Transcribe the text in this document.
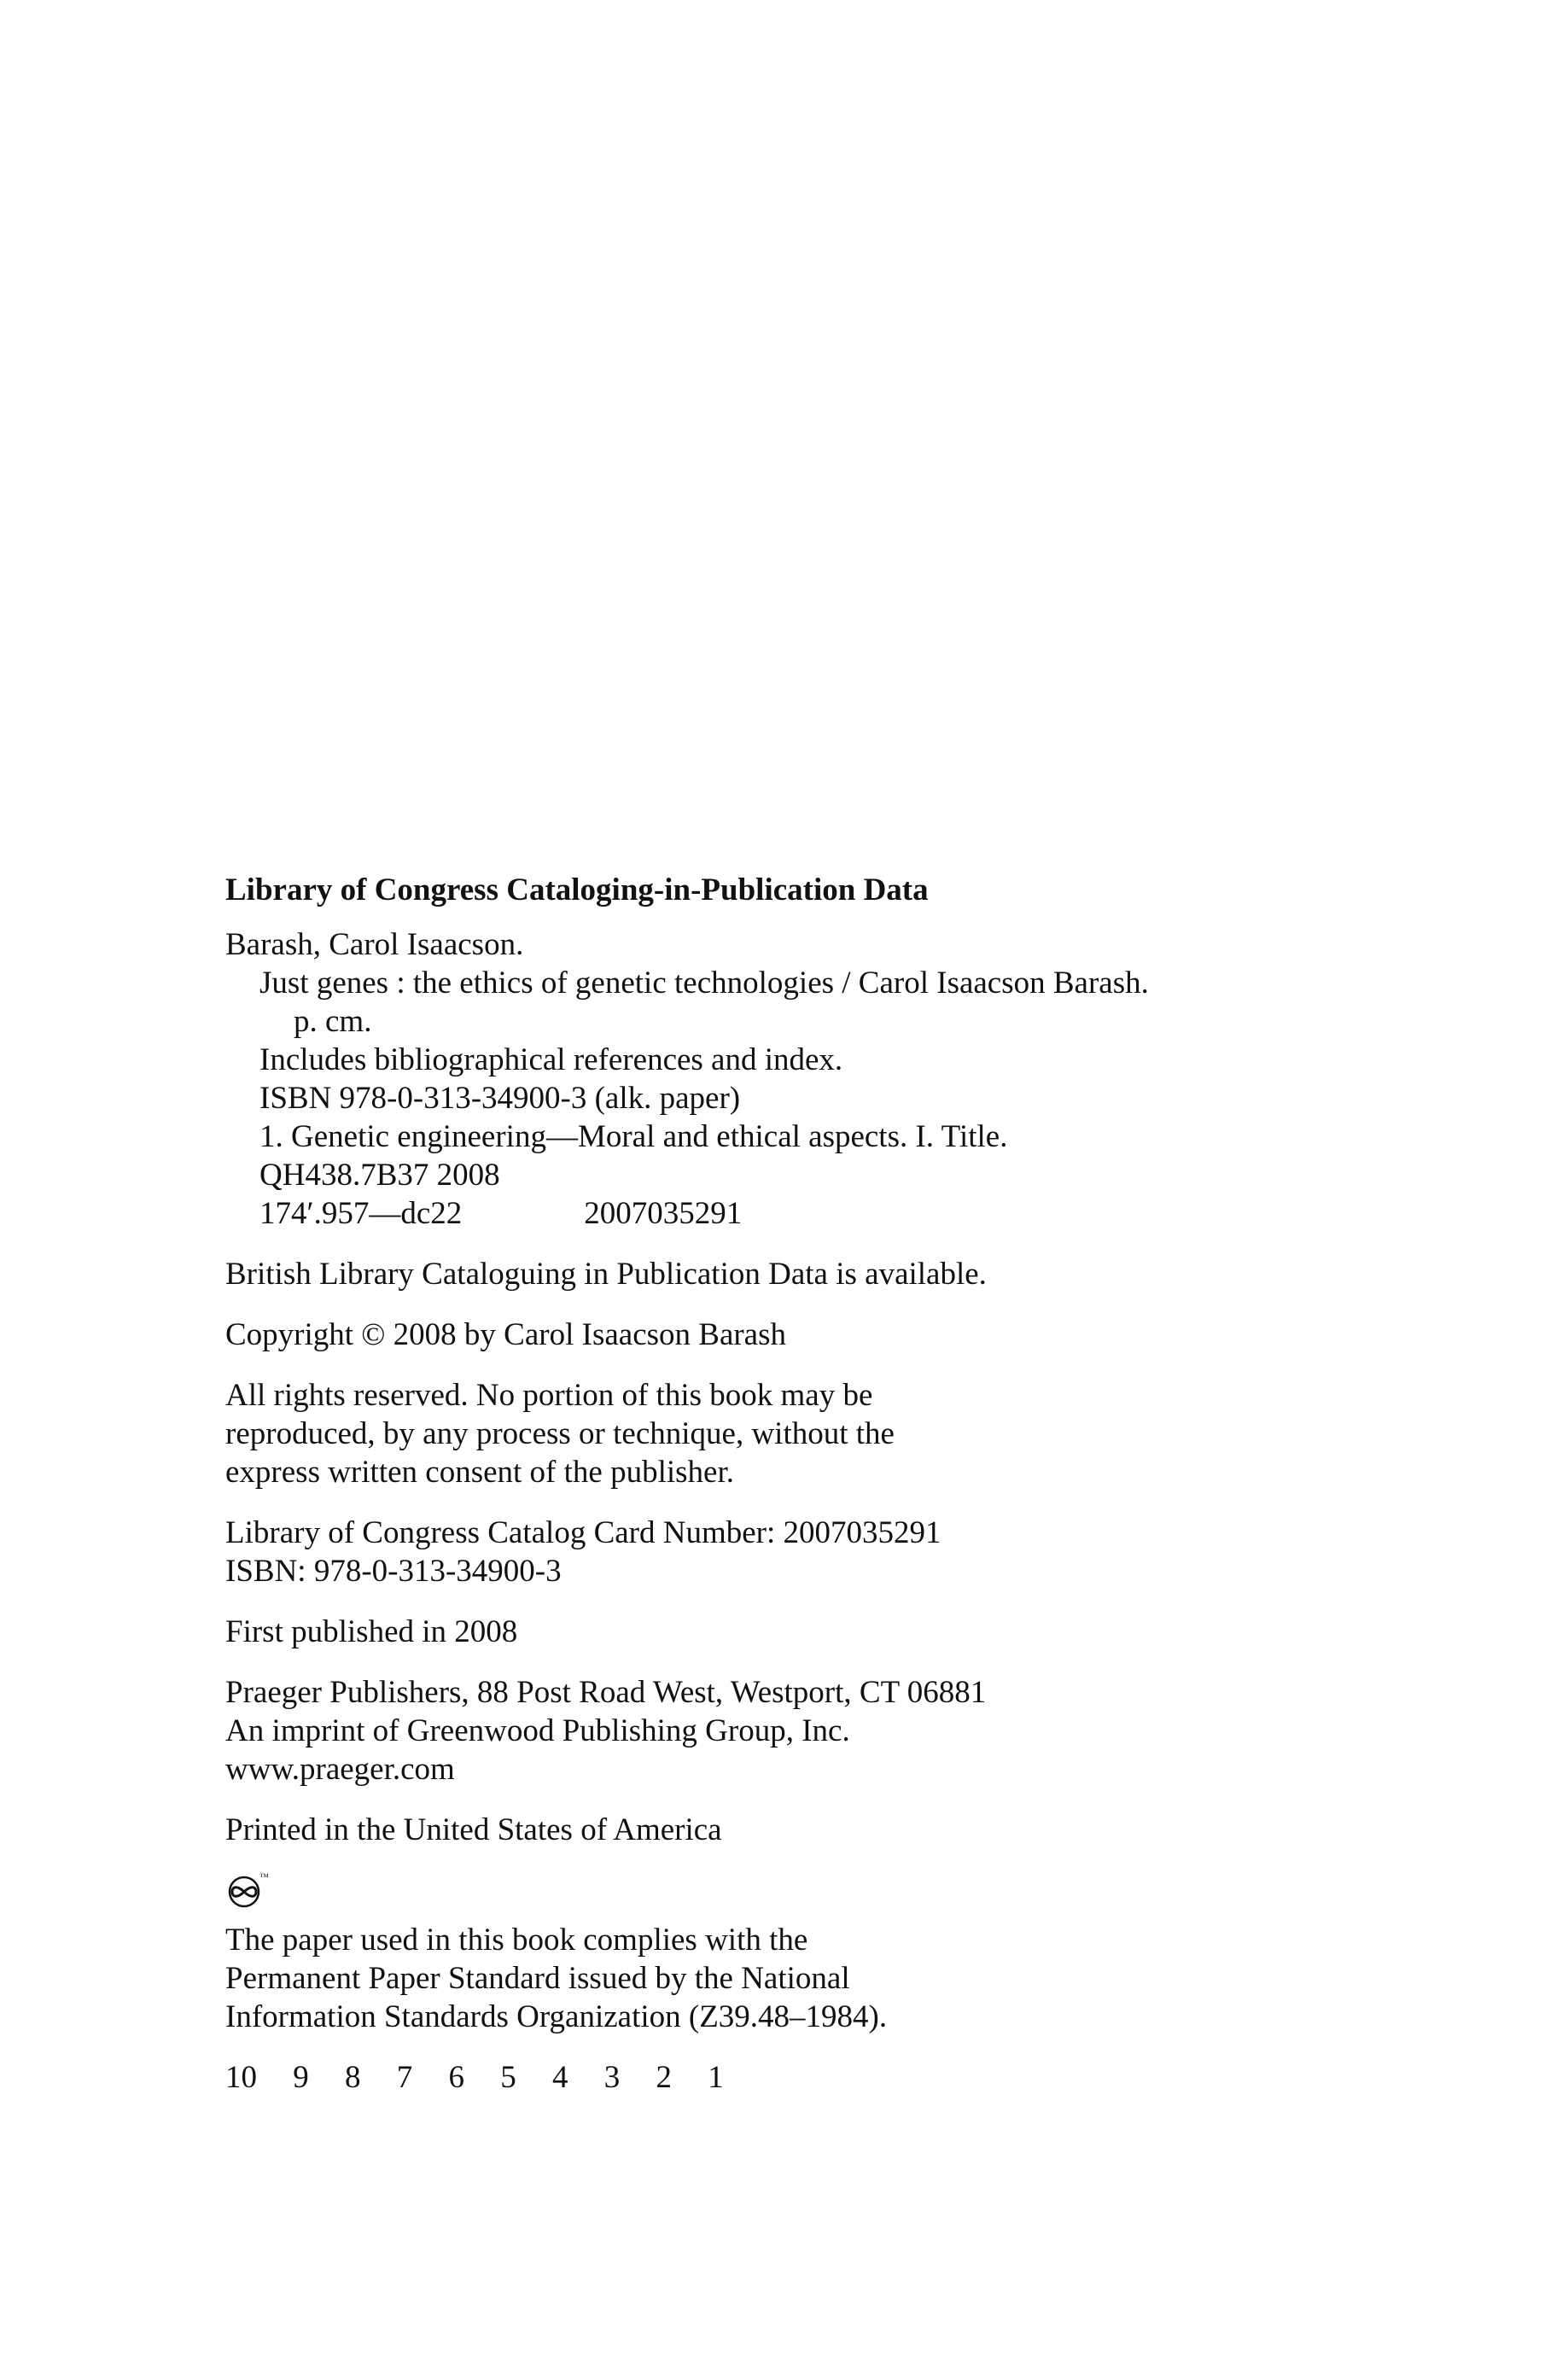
Library of Congress Cataloging-in-Publication Data
Barash, Carol Isaacson.
Just genes : the ethics of genetic technologies / Carol Isaacson Barash.
p. cm.
Includes bibliographical references and index.
ISBN 978-0-313-34900-3 (alk. paper)
1. Genetic engineering—Moral and ethical aspects. I. Title.
QH438.7B37 2008
174′.957—dc22	2007035291
British Library Cataloguing in Publication Data is available.
Copyright © 2008 by Carol Isaacson Barash
All rights reserved. No portion of this book may be
reproduced, by any process or technique, without the
express written consent of the publisher.
Library of Congress Catalog Card Number: 2007035291
ISBN: 978-0-313-34900-3
First published in 2008
Praeger Publishers, 88 Post Road West, Westport, CT 06881
An imprint of Greenwood Publishing Group, Inc.
www.praeger.com
Printed in the United States of America
™
The paper used in this book complies with the
Permanent Paper Standard issued by the National
Information Standards Organization (Z39.48–1984).
10 9 8 7 6 5 4 3 2 1
